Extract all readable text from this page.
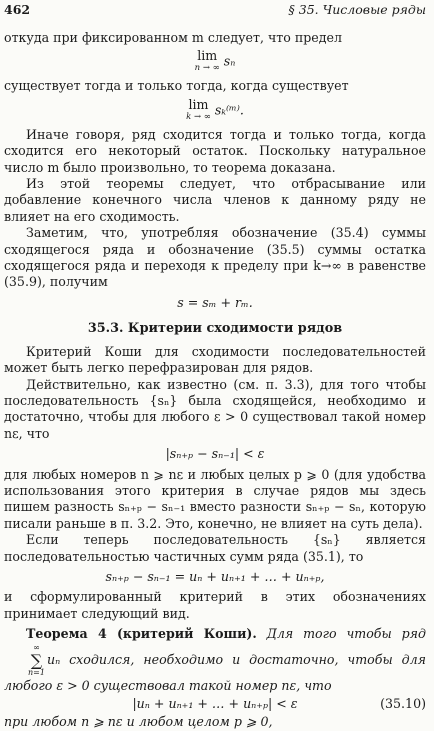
462	§ 35. Числовые ряды

откуда при фиксированном m следует, что предел

lim
n → ∞ sₙ

существует тогда и только тогда, когда существует

lim
k → ∞ sₖ⁽ᵐ⁾.

Иначе говоря, ряд сходится тогда и только тогда, когда сходится его некоторый остаток. Поскольку натуральное число m было произвольно, то теорема доказана.

Из этой теоремы следует, что отбрасывание или добавление конечного числа членов к данному ряду не влияет на его сходимость.

Заметим, что, употребляя обозначение (35.4) суммы сходящегося ряда и обозначение (35.5) суммы остатка сходящегося ряда и переходя к пределу при k→∞ в равенстве (35.9), получим

s = sₘ + rₘ.
35.3. Критерии сходимости рядов

Критерий Коши для сходимости последовательностей может быть легко перефразирован для рядов.

Действительно, как известно (см. п. 3.3), для того чтобы последовательность {sₙ} была сходящейся, необходимо и достаточно, чтобы для любого ε > 0 существовал такой номер nε, что

|sₙ₊ₚ − sₙ₋₁| < ε

для любых номеров n ⩾ nε и любых целых p ⩾ 0 (для удобства использования этого критерия в случае рядов мы здесь пишем разность sₙ₊ₚ − sₙ₋₁ вместо разности sₙ₊ₚ − sₙ, которую писали раньше в п. 3.2. Это, конечно, не влияет на суть дела).

Если теперь последовательность {sₙ} является последовательностью частичных сумм ряда (35.1), то

sₙ₊ₚ − sₙ₋₁ = uₙ + uₙ₊₁ + … + uₙ₊ₚ,

и сформулированный критерий в этих обозначениях принимает следующий вид.

Теорема 4 (критерий Коши). Для того чтобы ряд
∞
∑
n=1
uₙ сходился, необходимо и достаточно, чтобы для любого ε > 0 существовал такой номер nε, что

|uₙ + uₙ₊₁ + … + uₙ₊ₚ| < ε	(35.10)

при любом n ⩾ nε и любом целом p ⩾ 0,
